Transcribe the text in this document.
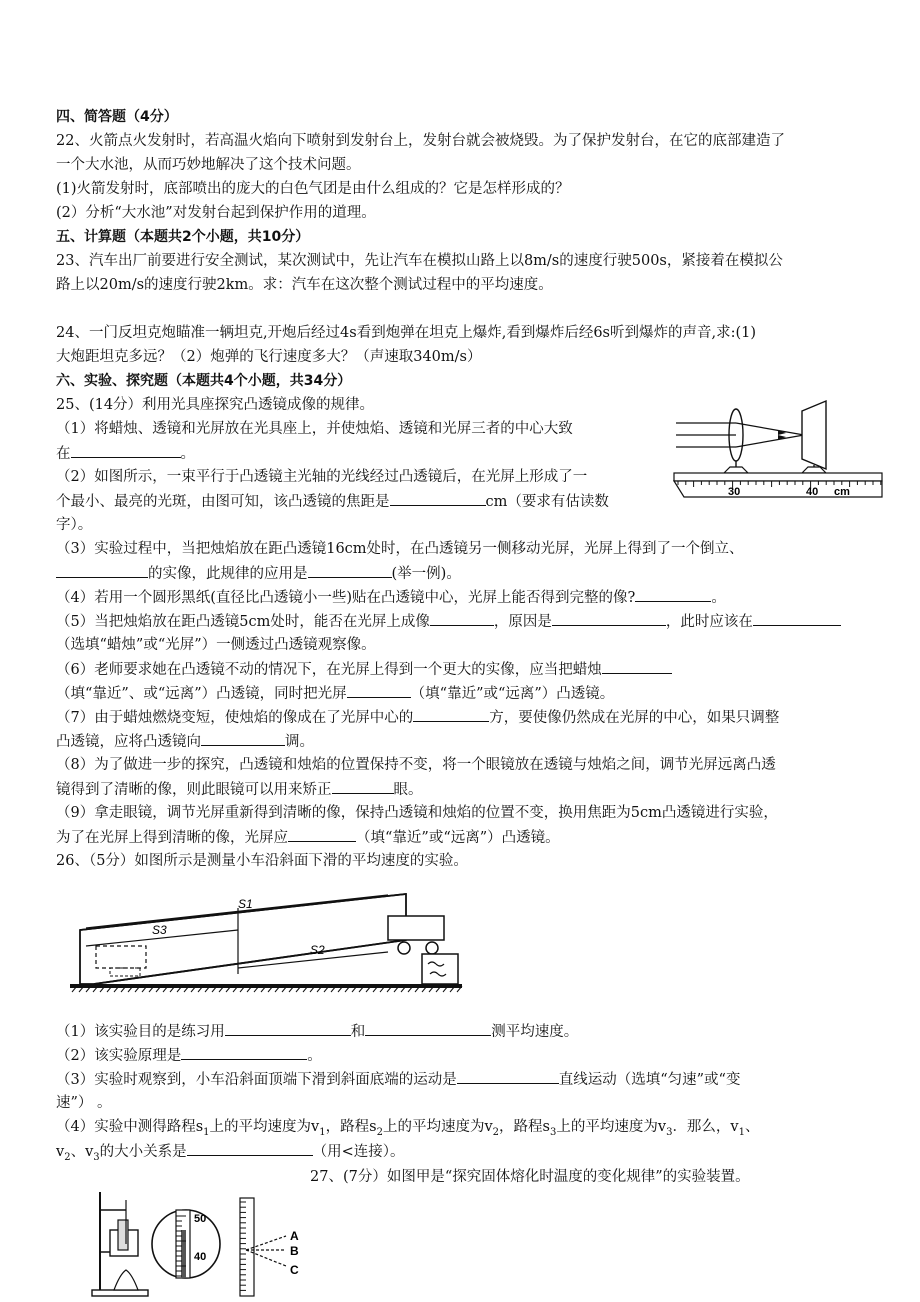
四、简答题（4分）
22、火箭点火发射时，若高温火焰向下喷射到发射台上，发射台就会被烧毁。为了保护发射台，在它的底部建造了
一个大水池，从而巧妙地解决了这个技术问题。
(1)火箭发射时，底部喷出的庞大的白色气团是由什么组成的？它是怎样形成的？
(2）分析“大水池”对发射台起到保护作用的道理。
五、计算题（本题共2个小题，共10分）
23、汽车出厂前要进行安全测试，某次测试中，先让汽车在模拟山路上以8m/s的速度行驶500s，紧接着在模拟公
路上以20m/s的速度行驶2km。求：汽车在这次整个测试过程中的平均速度。
24、一门反坦克炮瞄准一辆坦克,开炮后经过4s看到炮弹在坦克上爆炸,看到爆炸后经6s听到爆炸的声音,求:(1)
大炮距坦克多远？（2）炮弹的飞行速度多大？（声速取340m/s）
六、实验、探究题（本题共4个小题，共34分）
25、(14分）利用光具座探究凸透镜成像的规律。
（1）将蜡烛、透镜和光屏放在光具座上，并使烛焰、透镜和光屏三者的中心大致
在	。
（2）如图所示，一束平行于凸透镜主光轴的光线经过凸透镜后，在光屏上形成了一
个最小、最亮的光斑，由图可知，该凸透镜的焦距是	cm（要求有估读数
字）。
（3）实验过程中，当把烛焰放在距凸透镜16cm处时，在凸透镜另一侧移动光屏，光屏上得到了一个倒立、
的实像，此规律的应用是	(举一例)。
（4）若用一个圆形黑纸(直径比凸透镜小一些)贴在凸透镜中心，光屏上能否得到完整的像?	。
（5）当把烛焰放在距凸透镜5cm处时，能否在光屏上成像	，原因是	，此时应该在
（选填“蜡烛”或“光屏”）一侧透过凸透镜观察像。
（6）老师要求她在凸透镜不动的情况下，在光屏上得到一个更大的实像，应当把蜡烛
（填“靠近”、或“远离”）凸透镜，同时把光屏	（填“靠近”或“远离”）凸透镜。
（7）由于蜡烛燃烧变短，使烛焰的像成在了光屏中心的	方，要使像仍然成在光屏的中心，如果只调整
凸透镜，应将凸透镜向	调。
（8）为了做进一步的探究，凸透镜和烛焰的位置保持不变，将一个眼镜放在透镜与烛焰之间，调节光屏远离凸透
镜得到了清晰的像，则此眼镜可以用来矫正	眼。
（9）拿走眼镜，调节光屏重新得到清晰的像，保持凸透镜和烛焰的位置不变，换用焦距为5cm凸透镜进行实验，
为了在光屏上得到清晰的像，光屏应	（填“靠近”或“远离”）凸透镜。
26、（5分）如图所示是测量小车沿斜面下滑的平均速度的实验。
（1）该实验目的是练习用	和	测平均速度。
（2）该实验原理是	。
（3）实验时观察到，小车沿斜面顶端下滑到斜面底端的运动是	直线运动（选填“匀速”或“变
速”） 。
（4）实验中测得路程$s_1$上的平均速度为$v_1$，路程$s_2$上的平均速度为$v_2$，路程$s_3$上的平均速度为$v_3$．那么，$v_1$、
$v_2$、$v_3$的大小关系是	（用<连接）。
27、(7分）如图甲是“探究固体熔化时温度的变化规律”的实验装置。
30	40 cm
S1
S3
S2
50
40
A
B
C
